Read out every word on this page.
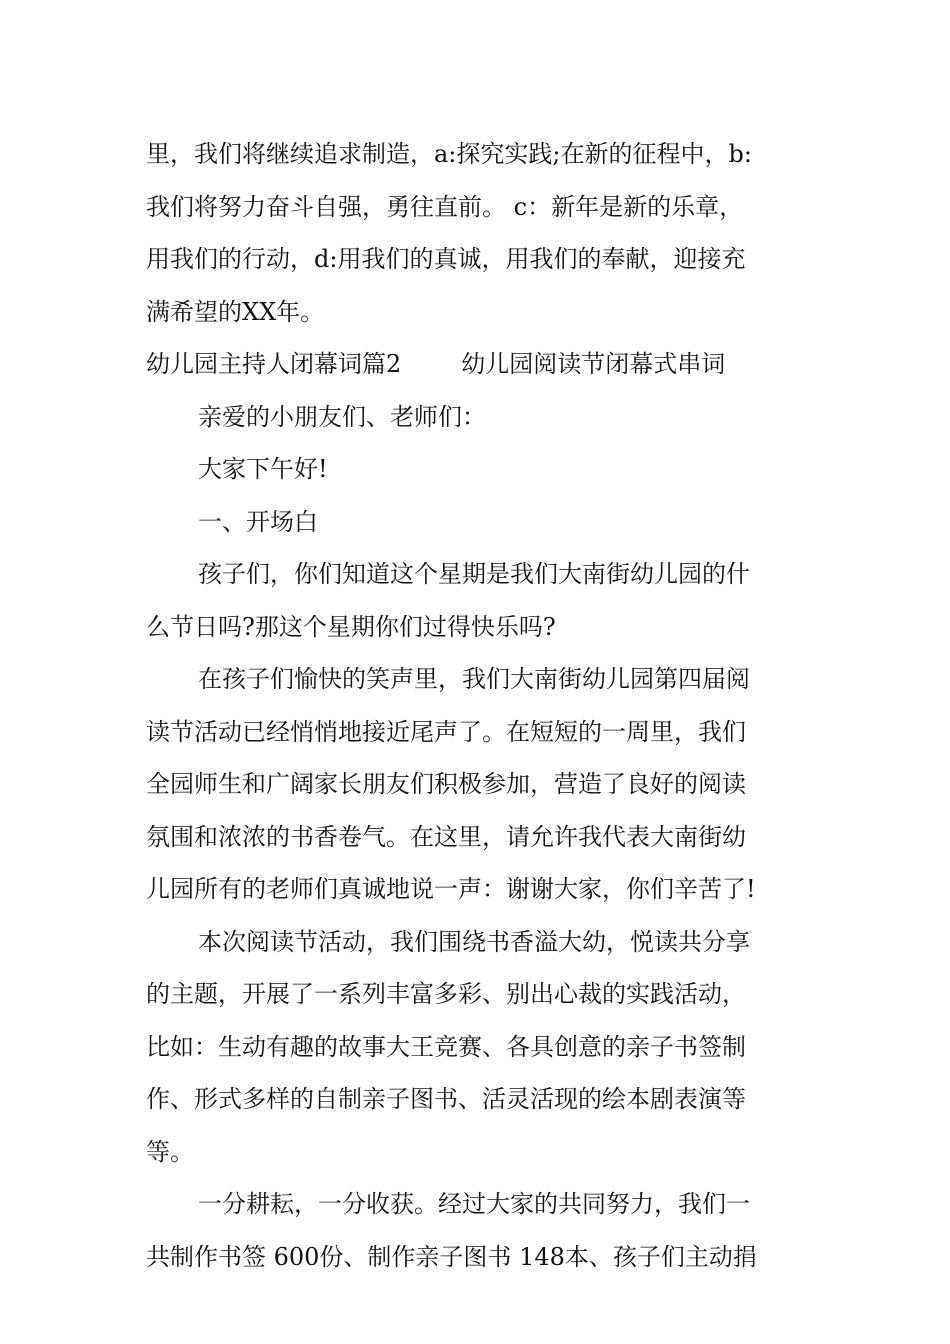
里，我们将继续追求制造，a:探究实践;在新的征程中，b:
我们将努力奋斗自强，勇往直前。 c：新年是新的乐章，
用我们的行动，d:用我们的真诚，用我们的奉献，迎接充
满希望的XX年。
幼儿园主持人闭幕词篇2	幼儿园阅读节闭幕式串词
亲爱的小朋友们、老师们：
大家下午好!
一、开场白
孩子们，你们知道这个星期是我们大南街幼儿园的什
么节日吗?那这个星期你们过得快乐吗?
在孩子们愉快的笑声里，我们大南街幼儿园第四届阅
读节活动已经悄悄地接近尾声了。在短短的一周里，我们
全园师生和广阔家长朋友们积极参加，营造了良好的阅读
氛围和浓浓的书香卷气。在这里，请允许我代表大南街幼
儿园所有的老师们真诚地说一声：谢谢大家，你们辛苦了!
本次阅读节活动，我们围绕书香溢大幼，悦读共分享
的主题，开展了一系列丰富多彩、别出心裁的实践活动，
比如：生动有趣的故事大王竞赛、各具创意的亲子书签制
作、形式多样的自制亲子图书、活灵活现的绘本剧表演等
等。
一分耕耘，一分收获。经过大家的共同努力，我们一
共制作书签 600份、制作亲子图书 148本、孩子们主动捐
